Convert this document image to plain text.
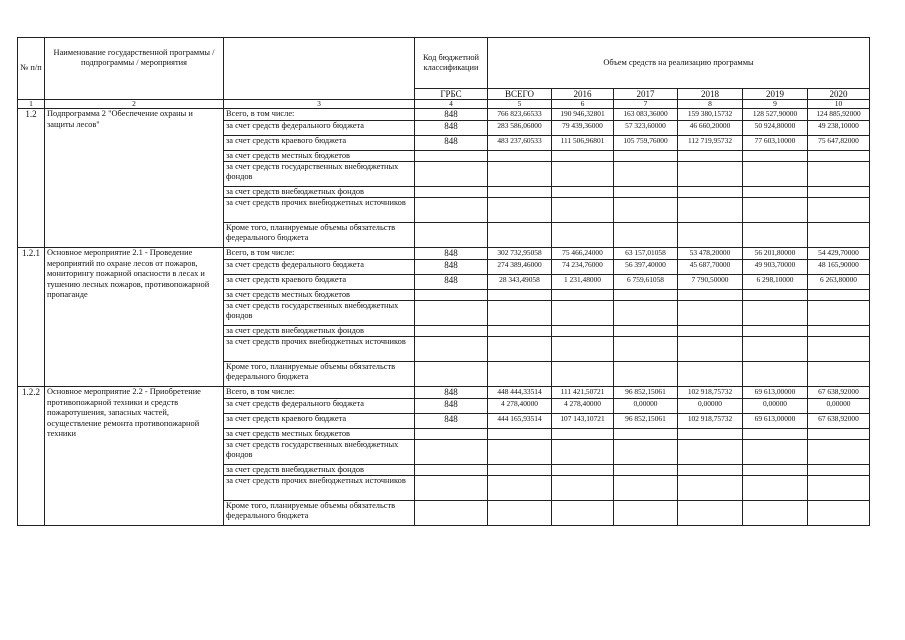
№ п/п	Наименование государственной программы / подпрограммы / мероприятия		Код бюджетной классификации	Объем средств на реализацию программы					
			ГРБС	ВСЕГО	2016	2017	2018	2019	2020
1	2	3	4	5	6	7	8	9	10
1.2	Подпрограмма 2 "Обеспечение охраны и защиты лесов"	Всего, в том числе:	848	766 823,66533	190 946,32801	163 083,36000	159 380,15732	128 527,90000	124 885,92000
		за счет средств федерального бюджета	848	283 586,06000	79 439,36000	57 323,60000	46 660,20000	50 924,80000	49 238,10000
		за счет средств краевого бюджета	848	483 237,60533	111 506,96801	105 759,76000	112 719,95732	77 603,10000	75 647,82000
		за счет средств местных бюджетов							
		за счет средств государственных внебюджетных фондов							
		за счет средств внебюджетных фондов							
		за счет средств прочих внебюджетных источников							
		Кроме того, планируемые объемы обязательств федерального бюджета							
1.2.1	Основное мероприятие 2.1 - Проведение мероприятий по охране лесов от пожаров, мониторингу пожарной опасности в лесах и тушению лесных пожаров, противопожарной пропаганде	Всего, в том числе:	848	302 732,95058	75 466,24000	63 157,01058	53 478,20000	56 201,80000	54 429,70000
		за счет средств федерального бюджета	848	274 389,46000	74 234,76000	56 397,40000	45 687,70000	49 903,70000	48 165,90000
		за счет средств краевого бюджета	848	28 343,49058	1 231,48000	6 759,61058	7 790,50000	6 298,10000	6 263,80000
		за счет средств местных бюджетов							
		за счет средств государственных внебюджетных фондов							
		за счет средств внебюджетных фондов							
		за счет средств прочих внебюджетных источников							
		Кроме того, планируемые объемы обязательств федерального бюджета							
1.2.2	Основное мероприятие 2.2 - Приобретение противопожарной техники и средств пожаротушения, запасных частей, осуществление ремонта противопожарной техники	Всего, в том числе:	848	448 444,33514	111 421,50721	96 852,15061	102 918,75732	69 613,00000	67 638,92000
		за счет средств федерального бюджета	848	4 278,40000	4 278,40000	0,00000	0,00000	0,00000	0,00000
		за счет средств краевого бюджета	848	444 165,93514	107 143,10721	96 852,15061	102 918,75732	69 613,00000	67 638,92000
		за счет средств местных бюджетов							
		за счет средств государственных внебюджетных фондов							
		за счет средств внебюджетных фондов							
		за счет средств прочих внебюджетных источников							
		Кроме того, планируемые объемы обязательств федерального бюджета							
